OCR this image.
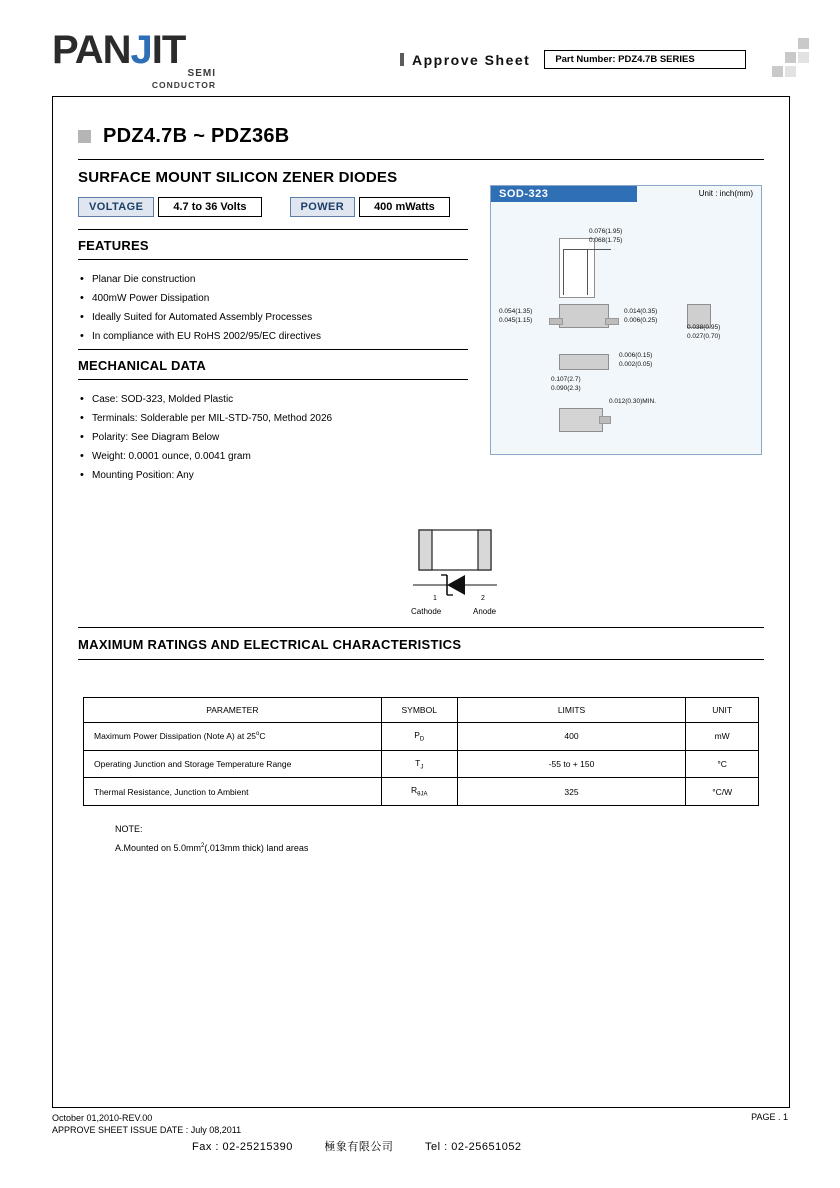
PANJIT
SEMI
CONDUCTOR
Approve Sheet	Part Number: PDZ4.7B SERIES
PDZ4.7B ~ PDZ36B
SURFACE MOUNT SILICON ZENER DIODES
VOLTAGE	4.7 to 36 Volts	POWER	400 mWatts
FEATURES
• Planar Die construction
• 400mW Power Dissipation
• Ideally Suited for Automated Assembly Processes
• In compliance with EU RoHS 2002/95/EC directives
MECHANICAL DATA
• Case: SOD-323, Molded Plastic
• Terminals: Solderable per MIL-STD-750, Method 2026
• Polarity: See Diagram Below
• Weight: 0.0001 ounce, 0.0041 gram
• Mounting Position: Any
1	2
Cathode	Anode
SOD-323	Unit : inch(mm)
0.076(1.95)
0.068(1.75)
0.054(1.35)
0.045(1.15)
0.014(0.35)
0.006(0.25)
0.038(0.95)
0.027(0.70)
0.006(0.15)
0.002(0.05)
0.107(2.7)
0.090(2.3)
0.012(0.30)MIN.
MAXIMUM RATINGS AND ELECTRICAL CHARACTERISTICS
PARAMETER	SYMBOL	LIMITS	UNIT
Maximum Power Dissipation (Note A) at 25$^o$C	$P_D$	400	mW
Operating Junction and Storage Temperature Range	$T_J$	-55 to + 150	°C
Thermal Resistance, Junction to Ambient	$R_{\theta JA}$	325	°C/W
NOTE:
A.Mounted on $5.0mm^2(.013mm$ thick) land areas
October 01,2010-REV.00
APPROVE SHEET ISSUE DATE : July 08,2011
PAGE . 1
Fax : 02-25215390	極象有限公司	Tel : 02-25651052
